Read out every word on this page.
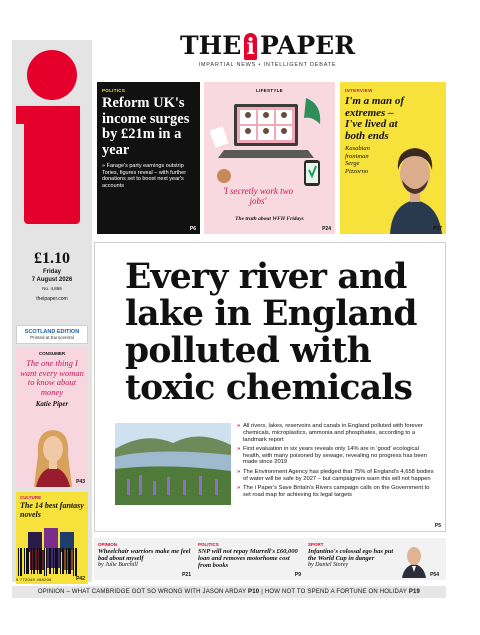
THE i PAPER
IMPARTIAL NEWS • INTELLIGENT DEBATE
£1.10
Friday
7 August 2026
No. 4,866
theipaper.com
SCOTLAND EDITION
Printed at Eurocentral
CONSUMER
The one thing I want every woman to know about money
Katie Piper
P43
CULTURE
The 14 best fantasy novels
P42
9 772049 498206
POLITICS
Reform UK's income surges by £21m in a year
» Farage's party earnings outstrip Tories, figures reveal – with further donations set to boost next year's accounts
P6
LIFESTYLE
'I secretly work two jobs'
The truth about WFH Fridays
P24
INTERVIEW
I'm a man of extremes – I've lived at both ends
Kasabian frontman Serge Pizzorno
P37
Every river and lake in England polluted with toxic chemicals
» All rivers, lakes, reservoirs and canals in England polluted with forever chemicals, microplastics, ammonia and phosphates, according to a landmark report
» First evaluation in six years reveals only 14% are in 'good' ecological health, with many poisoned by sewage, revealing no progress has been made since 2019
» The Environment Agency has pledged that 75% of England's 4,658 bodies of water will be safe by 2027 – but campaigners warn this will not happen
» The i Paper's Save Britain's Rivers campaign calls on the Government to set road map for achieving its legal targets
P5
OPINION
Wheelchair warriors make me feel bad about myself
by Julie Burchill
P21
POLITICS
SNP will not repay Murrell's £60,000 loan and removes motorhome cost from books
P9
SPORT
Infantino's colossal ego has put the World Cup in danger
by Daniel Storey
P54
OPINION – WHAT CAMBRIDGE GOT SO WRONG WITH JASON ARDAY P10 | HOW NOT TO SPEND A FORTUNE ON HOLIDAY P19
